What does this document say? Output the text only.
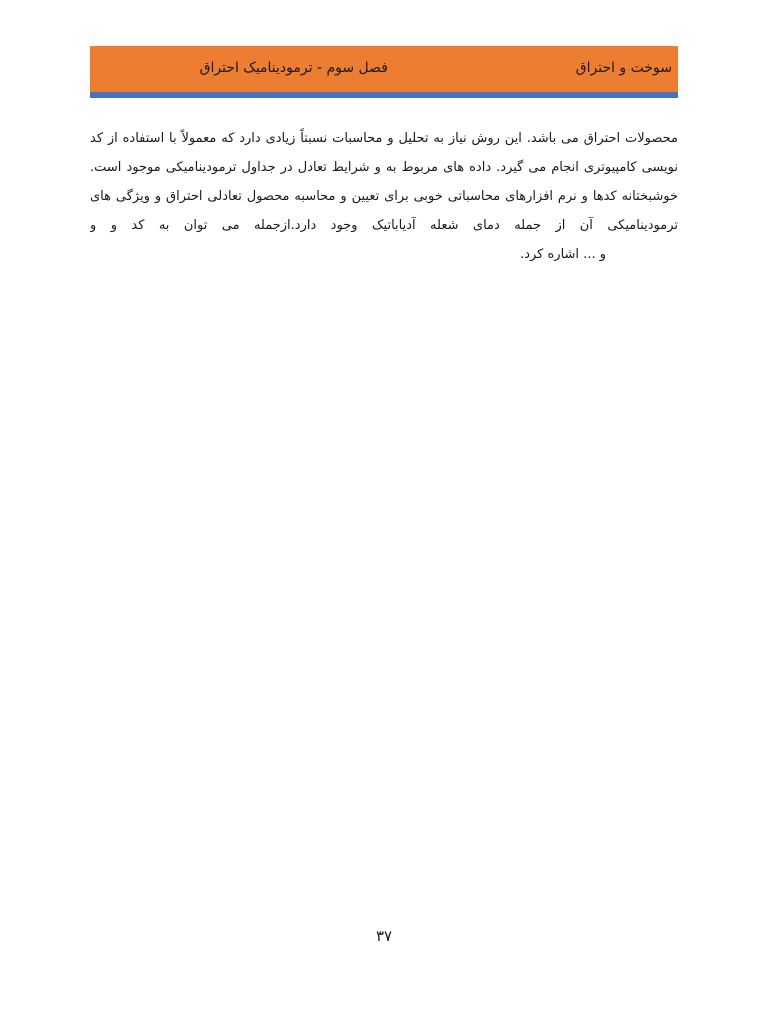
سوخت و احتراق
فصل سوم - ترمودینامیک احتراق
محصولات احتراق می باشد. این روش نیاز به تحلیل و محاسبات نسبتاً زیادی دارد که معمولاً با استفاده از کد
نویسی کامپیوتری انجام می گیرد. داده های مربوط به و شرایط تعادل در جداول ترمودینامیکی موجود است.
خوشبختانه کدها و نرم افزارهای محاسباتی خوبی برای تعیین و محاسبه محصول تعادلی احتراق و ویژگی های
ترمودینامیکی آن از جمله دمای شعله آدیاباتیک وجود دارد.ازجمله می توان به کد و و
و ... اشاره کرد.
۳۷
